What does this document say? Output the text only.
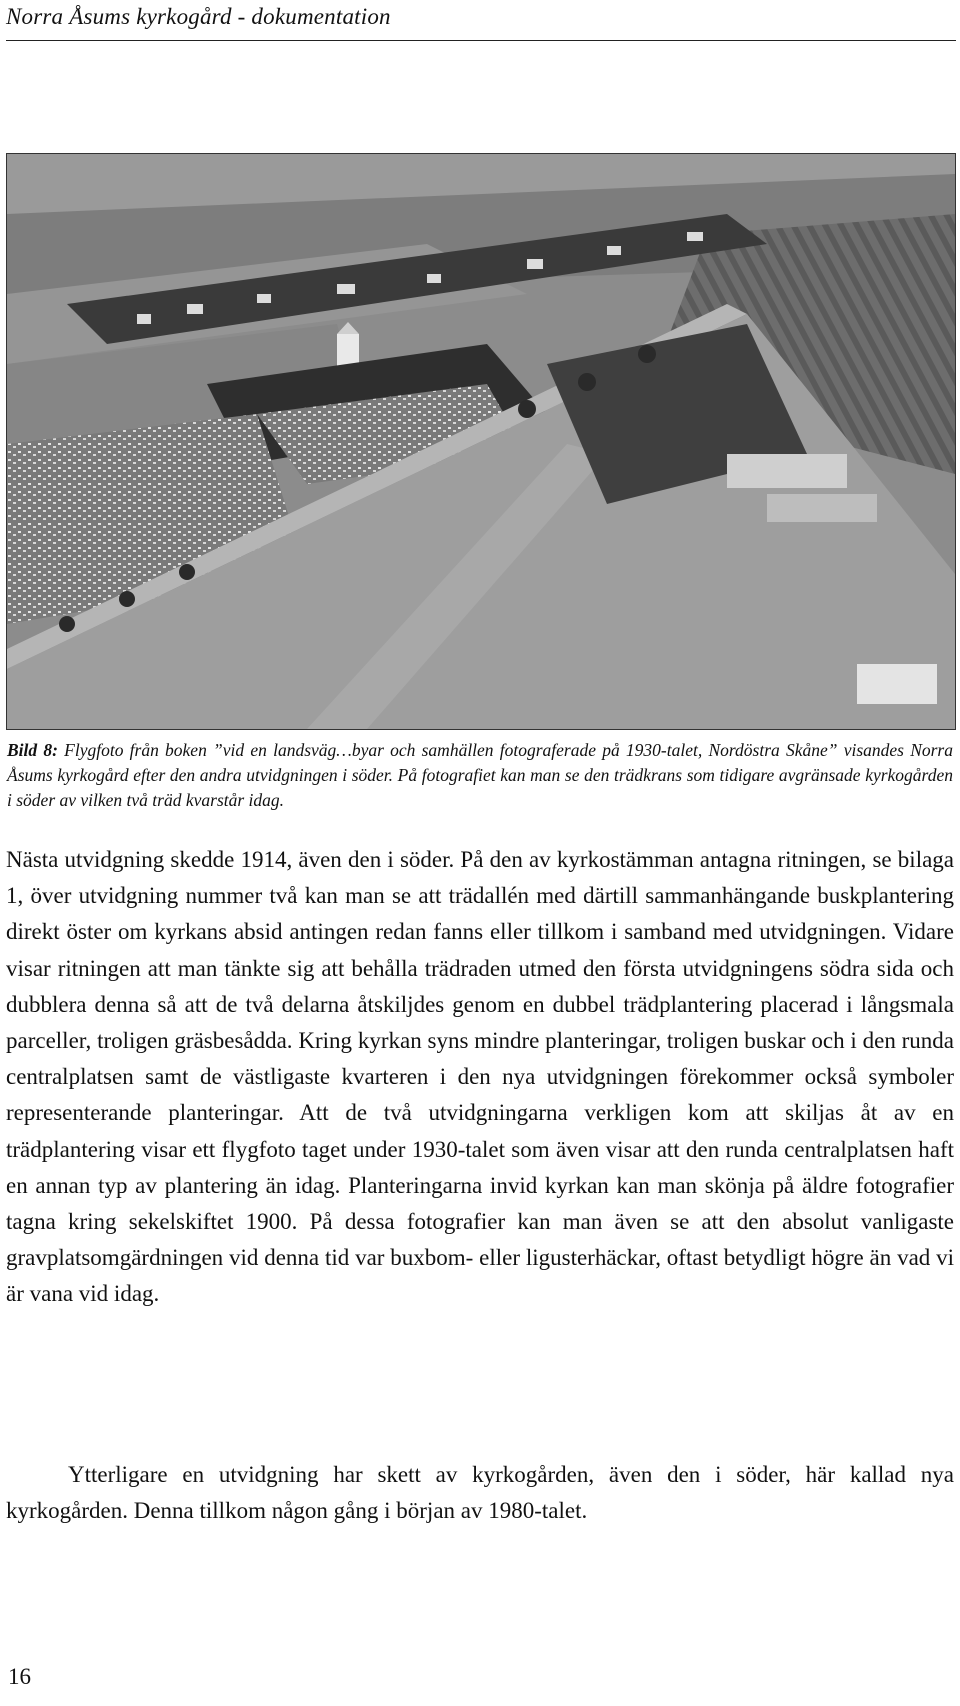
Norra Åsums kyrkogård - dokumentation

Bild 8: Flygfoto från boken ”vid en landsväg…byar och samhällen fotograferade på 1930-talet, Nordöstra Skåne” visandes Norra Åsums kyrkogård efter den andra utvidgningen i söder. På fotografiet kan man se den trädkrans som tidigare avgränsade kyrkogården i söder av vilken två träd kvarstår idag.

Nästa utvidgning skedde 1914, även den i söder. På den av kyrkostämman antagna ritningen, se bilaga 1, över utvidgning nummer två kan man se att trädallén med därtill sammanhängande buskplantering direkt öster om kyrkans absid antingen redan fanns eller tillkom i samband med utvidgningen. Vidare visar ritningen att man tänkte sig att behålla trädraden utmed den första utvidgningens södra sida och dubblera denna så att de två delarna åtskiljdes genom en dubbel trädplantering placerad i långsmala parceller, troligen gräsbesådda. Kring kyrkan syns mindre planteringar, troligen buskar och i den runda centralplatsen samt de västligaste kvarteren i den nya utvidgningen förekommer också symboler representerande planteringar. Att de två utvidgningarna verkligen kom att skiljas åt av en trädplantering visar ett flygfoto taget under 1930-talet som även visar att den runda centralplatsen haft en annan typ av plantering än idag. Planteringarna invid kyrkan kan man skönja på äldre fotografier tagna kring sekelskiftet 1900. På dessa fotografier kan man även se att den absolut vanligaste gravplatsomgärdningen vid denna tid var buxbom- eller ligusterhäckar, oftast betydligt högre än vad vi är vana vid idag.

Ytterligare en utvidgning har skett av kyrkogården, även den i söder, här kallad nya kyrkogården. Denna tillkom någon gång i början av 1980-talet.

16
